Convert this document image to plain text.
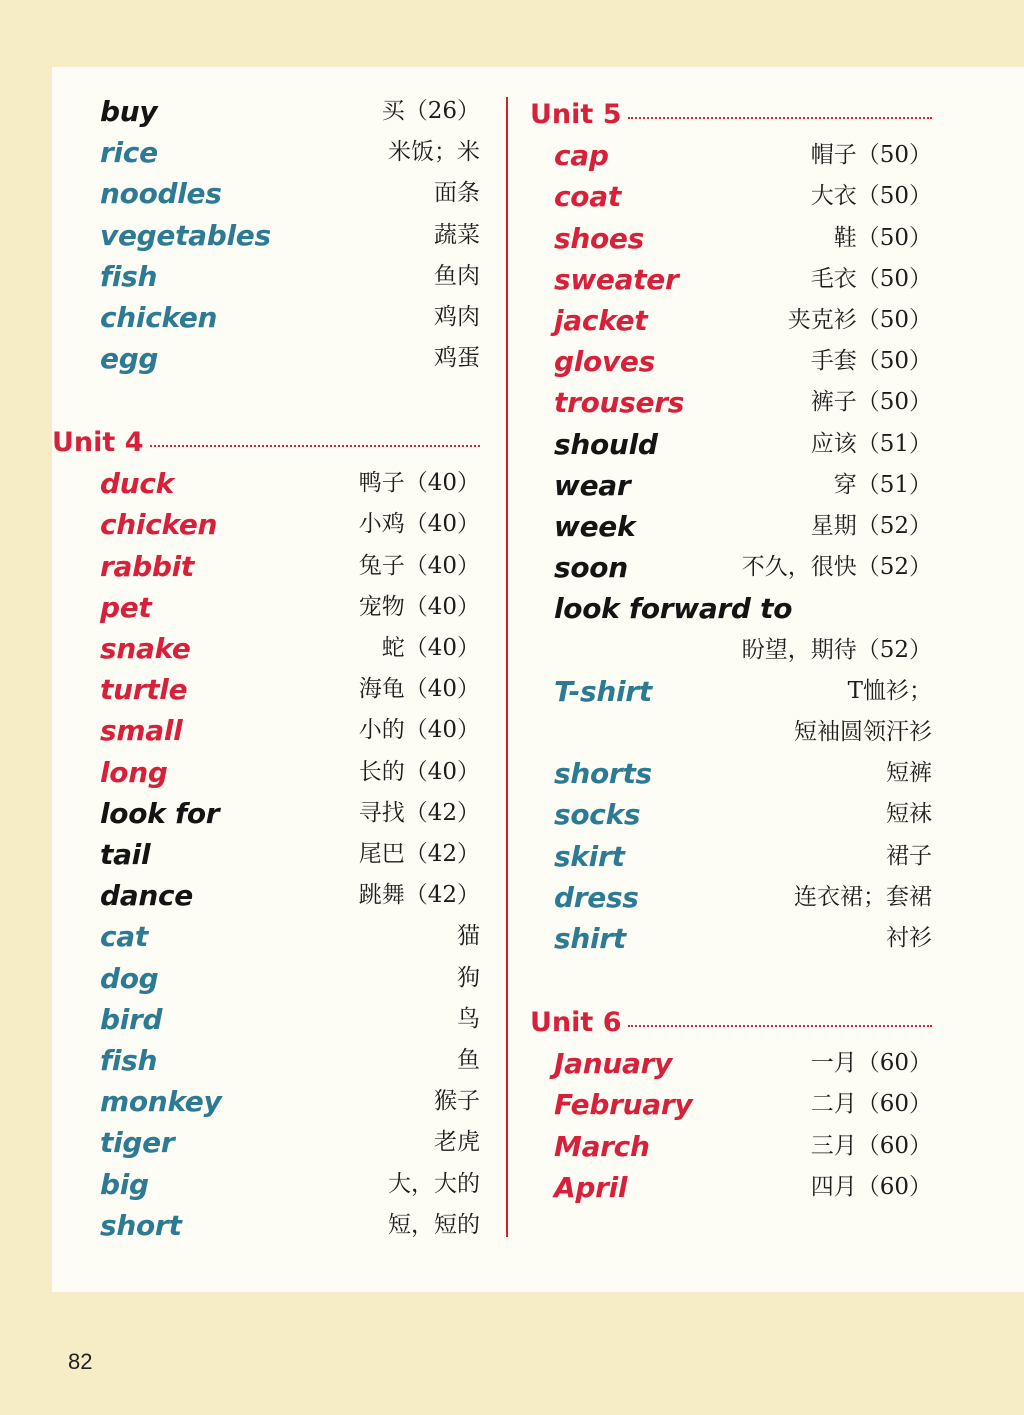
buy	买（26）
rice	米饭；米
noodles	面条
vegetables	蔬菜
fish	鱼肉
chicken	鸡肉
egg	鸡蛋
Unit 4
duck	鸭子（40）
chicken	小鸡（40）
rabbit	兔子（40）
pet	宠物（40）
snake	蛇（40）
turtle	海龟（40）
small	小的（40）
long	长的（40）
look for	寻找（42）
tail	尾巴（42）
dance	跳舞（42）
cat	猫
dog	狗
bird	鸟
fish	鱼
monkey	猴子
tiger	老虎
big	大，大的
short	短，短的
Unit 5
cap	帽子（50）
coat	大衣（50）
shoes	鞋（50）
sweater	毛衣（50）
jacket	夹克衫（50）
gloves	手套（50）
trousers	裤子（50）
should	应该（51）
wear	穿（51）
week	星期（52）
soon	不久，很快（52）
look forward to
盼望，期待（52）
T-shirt	T恤衫；
短袖圆领汗衫
shorts	短裤
socks	短袜
skirt	裙子
dress	连衣裙；套裙
shirt	衬衫
Unit 6
January	一月（60）
February	二月（60）
March	三月（60）
April	四月（60）
82
